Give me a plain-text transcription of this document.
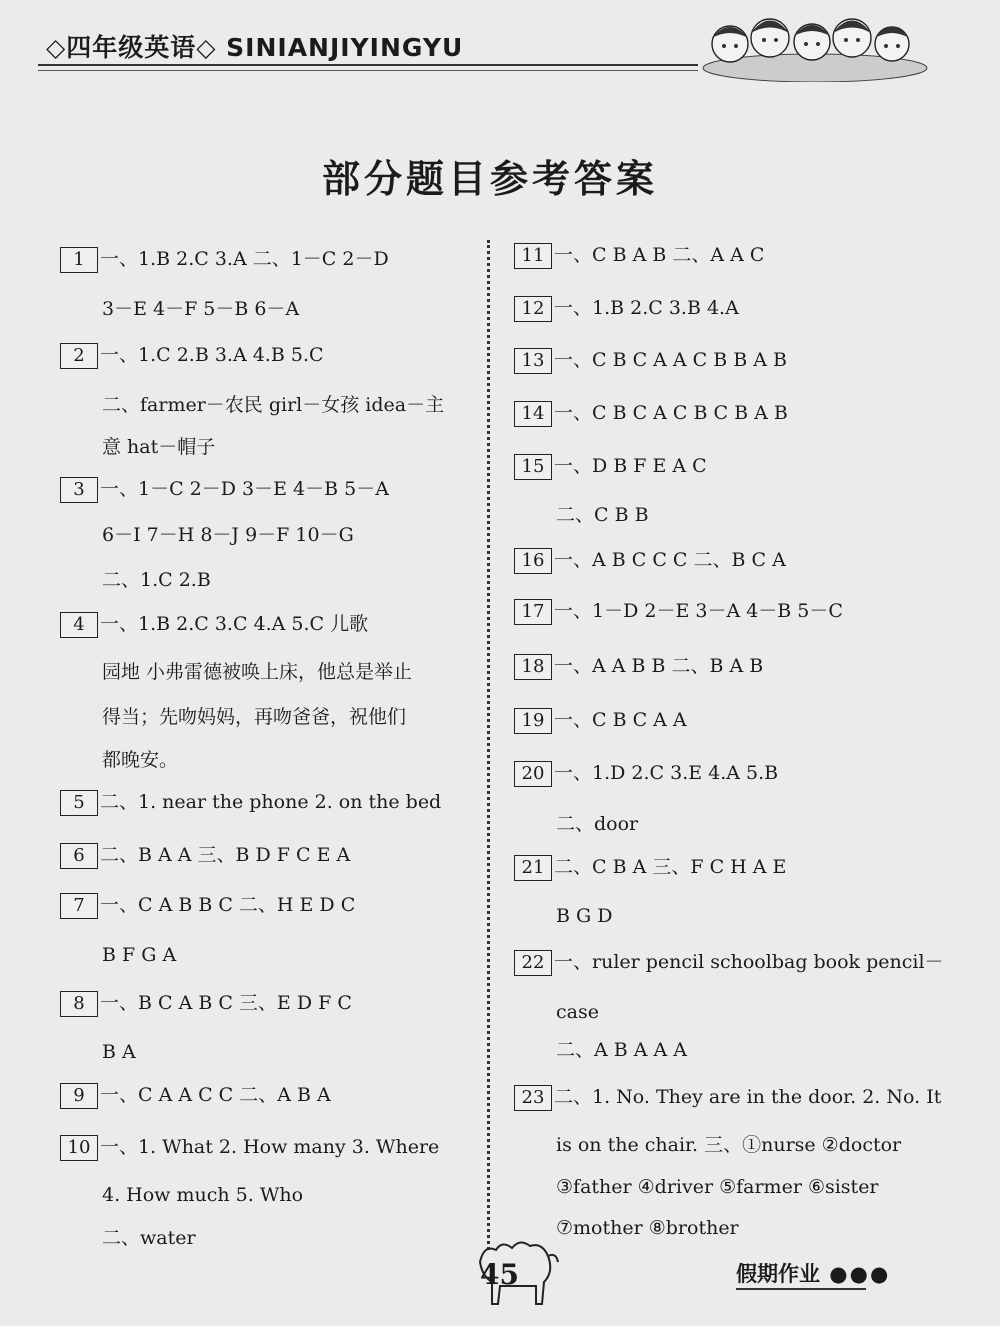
◇四年级英语◇ SINIANJIYINGYU
部分题目参考答案
1 一、1.B 2.C 3.A 二、1－C 2－D
3－E 4－F 5－B 6－A
2 一、1.C 2.B 3.A 4.B 5.C
二、farmer－农民 girl－女孩 idea－主
意 hat－帽子
3 一、1－C 2－D 3－E 4－B 5－A
6－I 7－H 8－J 9－F 10－G
二、1.C 2.B
4 一、1.B 2.C 3.C 4.A 5.C 儿歌
园地 小弗雷德被唤上床，他总是举止
得当；先吻妈妈，再吻爸爸，祝他们
都晚安。
5 二、1. near the phone 2. on the bed
6 二、B A A 三、B D F C E A
7 一、C A B B C 二、H E D C
B F G A
8 一、B C A B C 三、E D F C
B A
9 一、C A A C C 二、A B A
10 一、1. What 2. How many 3. Where
4. How much 5. Who
二、water
11 一、C B A B 二、A A C
12 一、1.B 2.C 3.B 4.A
13 一、C B C A A C B B A B
14 一、C B C A C B C B A B
15 一、D B F E A C
二、C B B
16 一、A B C C C 二、B C A
17 一、1－D 2－E 3－A 4－B 5－C
18 一、A A B B 二、B A B
19 一、C B C A A
20 一、1.D 2.C 3.E 4.A 5.B
二、door
21 二、C B A 三、F C H A E
B G D
22 一、ruler pencil schoolbag book pencil－
case
二、A B A A A
23 二、1. No. They are in the door. 2. No. It
is on the chair. 三、①nurse ②doctor
③father ④driver ⑤farmer ⑥sister
⑦mother ⑧brother
45	假期作业 ●●●
